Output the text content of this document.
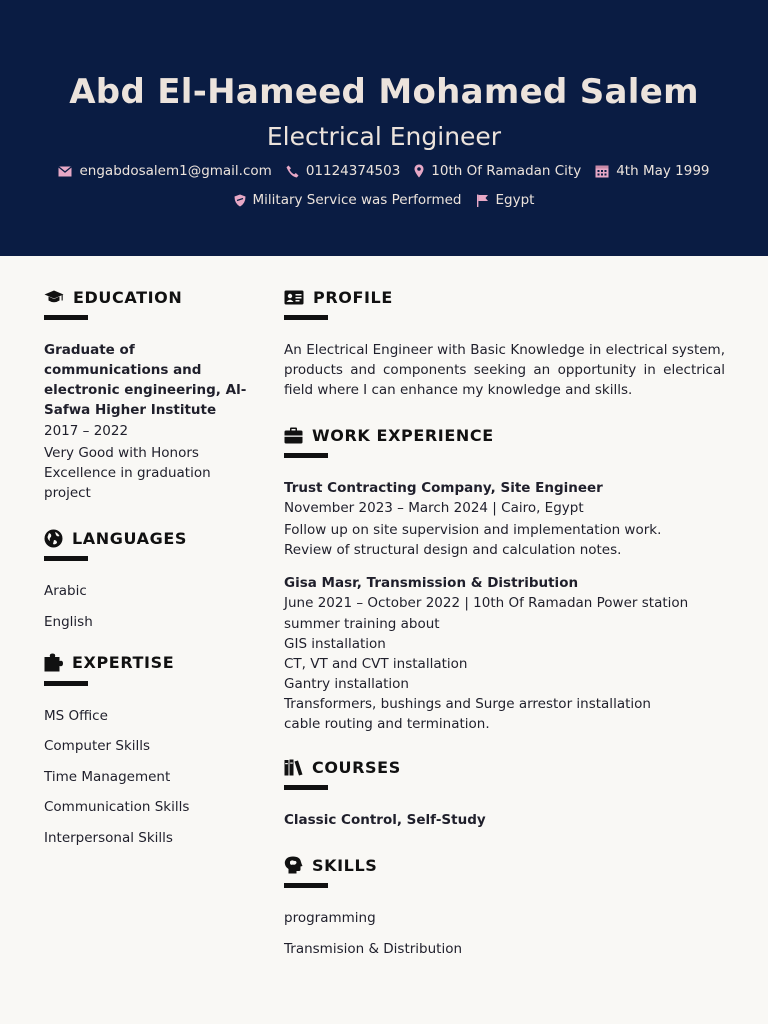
Abd El-Hameed Mohamed Salem
Electrical Engineer
engabdosalem1@gmail.com	01124374503 10th Of Ramadan City	4th May 1999
Military Service was Performed	Egypt
EDUCATION
Graduate of communications and electronic engineering, Al-Safwa Higher Institute
2017 – 2022
Very Good with Honors
Excellence in graduation project
LANGUAGES
Arabic
English
EXPERTISE
MS Office
Computer Skills
Time Management
Communication Skills
Interpersonal Skills
PROFILE
An Electrical Engineer with Basic Knowledge in electrical system, products and components seeking an opportunity in electrical field where I can enhance my knowledge and skills.
WORK EXPERIENCE
Trust Contracting Company, Site Engineer
November 2023 – March 2024 | Cairo, Egypt
Follow up on site supervision and implementation work.
Review of structural design and calculation notes.
Gisa Masr, Transmission & Distribution
June 2021 – October 2022 | 10th Of Ramadan Power station
summer training about
GIS installation
CT, VT and CVT installation
Gantry installation
Transformers, bushings and Surge arrestor installation
cable routing and termination.
COURSES
Classic Control, Self-Study
SKILLS
programming
Transmision & Distribution
